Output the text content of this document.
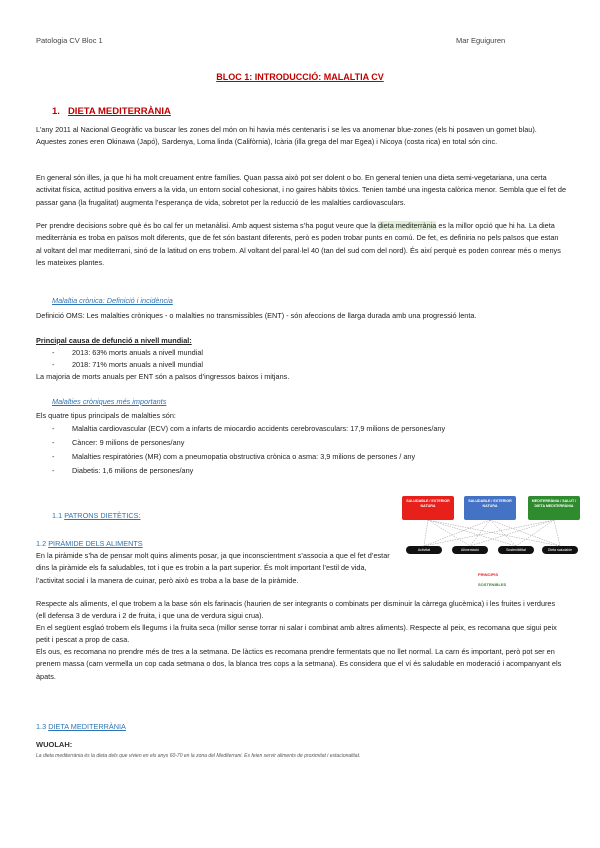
Patologia CV Bloc 1	Mar Eguiguren
BLOC 1: INTRODUCCIÓ: MALALTIA CV
1. DIETA MEDITERRÀNIA

L’any 2011 al Nacional Geogràfic va buscar les zones del món on hi havia més centenaris i se les va anomenar blue-zones (els hi posaven un gomet blau). Aquestes zones eren Okinawa (Japó), Sardenya, Loma linda (Califòrnia), Icària (illa grega del mar Egea) i Nicoya (costa rica) en total són cinc.

En general són illes, ja que hi ha molt creuament entre famílies. Quan passa això pot ser dolent o bo. En general tenien una dieta semi-vegetariana, una certa activitat física, actitud positiva envers a la vida, un entorn social cohesionat, i no gaires hàbits tòxics. Tenien també una ingesta calòrica menor. Sembla que el fet de passar gana (la frugalitat) augmenta l’esperança de vida, sobretot per la reducció de les malalties cardiovasculars.

Per prendre decisions sobre què és bo cal fer un metanàlisi. Amb aquest sistema s’ha pogut veure que la dieta mediterrània es la millor opció que hi ha. La dieta mediterrània es troba en països molt diferents, que de fet són bastant diferents, però es poden trobar punts en comú. De fet, es definiria no pels països que estan al voltant del mar mediterrani, sinó de la latitud on ens trobem. Al voltant del paral·lel 40 (tan del sud com del nord). És així perquè es poden conrear més o menys les mateixes plantes.

Malaltia crònica: Definició i incidència

Definició OMS: Les malalties cròniques - o malalties no transmissibles (ENT) - són afeccions de llarga durada amb una progressió lenta.

Principal causa de defunció a nivell mundial:
- 2013: 63% morts anuals a nivell mundial
- 2018: 71% morts anuals a nivell mundial
La majoria de morts anuals per ENT són a països d’ingressos baixos i mitjans.
Malalties cròniques més importants
Els quatre tipus principals de malalties són:
- Malaltia cardiovascular (ECV) com a infarts de miocardio accidents cerebrovasculars: 17,9 milions de persones/any
- Càncer: 9 milions de persones/any
- Malalties respiratòries (MR) com a pneumopatia obstructiva crònica o asma: 3,9 milions de persones / any
- Diabetis: 1,6 milions de persones/any
1.1 PATRONS DIETÈTICS:
1.2 PIRÀMIDE DELS ALIMENTS

En la piràmide s’ha de pensar molt quins aliments posar, ja que inconscientment s’associa a que el fet d’estar dins la piràmide els fa saludables, tot i que es trobin a la part superior. És molt important l’estil de vida, l’activitat social i la manera de cuinar, però això es troba a la base de la piràmide.

Respecte als aliments, el que trobem a la base són els farinacis (haurien de ser integrants o combinats per disminuir la càrrega glucèmica) i les fruites i verdures (ell defensa 3 de verdura i 2 de fruita, i que una de verdura sigui crua).

En el següent esglaó trobem els llegums i la fruita seca (millor sense torrar ni salar i combinat amb altres aliments). Respecte al peix, es recomana que sigui peix petit i pescat a prop de casa.

Els ous, es recomana no prendre més de tres a la setmana. De làctics es recomana prendre fermentats que no llet normal. La carn és important, però pot ser en prenem massa (carn vermella un cop cada setmana o dos, la blanca tres cops a la setmana). Es considera que el ví és saludable en moderació i acompanyant els àpats.

1.3 DIETA MEDITERRÀNIA
WUOLAH:
La dieta mediterrània és la dieta dels que vivien en els anys 60-70 en la zona del Mediterrani. Es feien servir aliments de proximitat i estacionalitat.
SALUDABLE / EXTERIOR NATURA
SALUDABLE / EXTERIOR NATURA
MEDITERRÀNIA / SALUT / DIETA MEDITERRÀNIA
Activitat	Alimentació	Sostenibilitat	Dieta saludable
PRINCIPIS
SOSTENIBLES
